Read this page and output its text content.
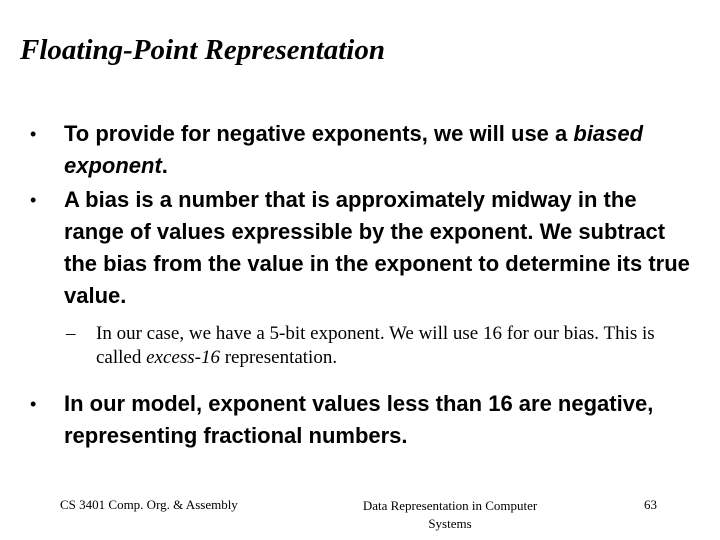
Floating-Point Representation
• To provide for negative exponents, we will use a biased exponent.
• A bias is a number that is approximately midway in the range of values expressible by the exponent. We subtract the bias from the value in the exponent to determine its true value.
– In our case, we have a 5-bit exponent. We will use 16 for our bias. This is called excess-16 representation.
• In our model, exponent values less than 16 are negative, representing fractional numbers.
CS 3401 Comp. Org. & Assembly	Data Representation in Computer
Systems
63
